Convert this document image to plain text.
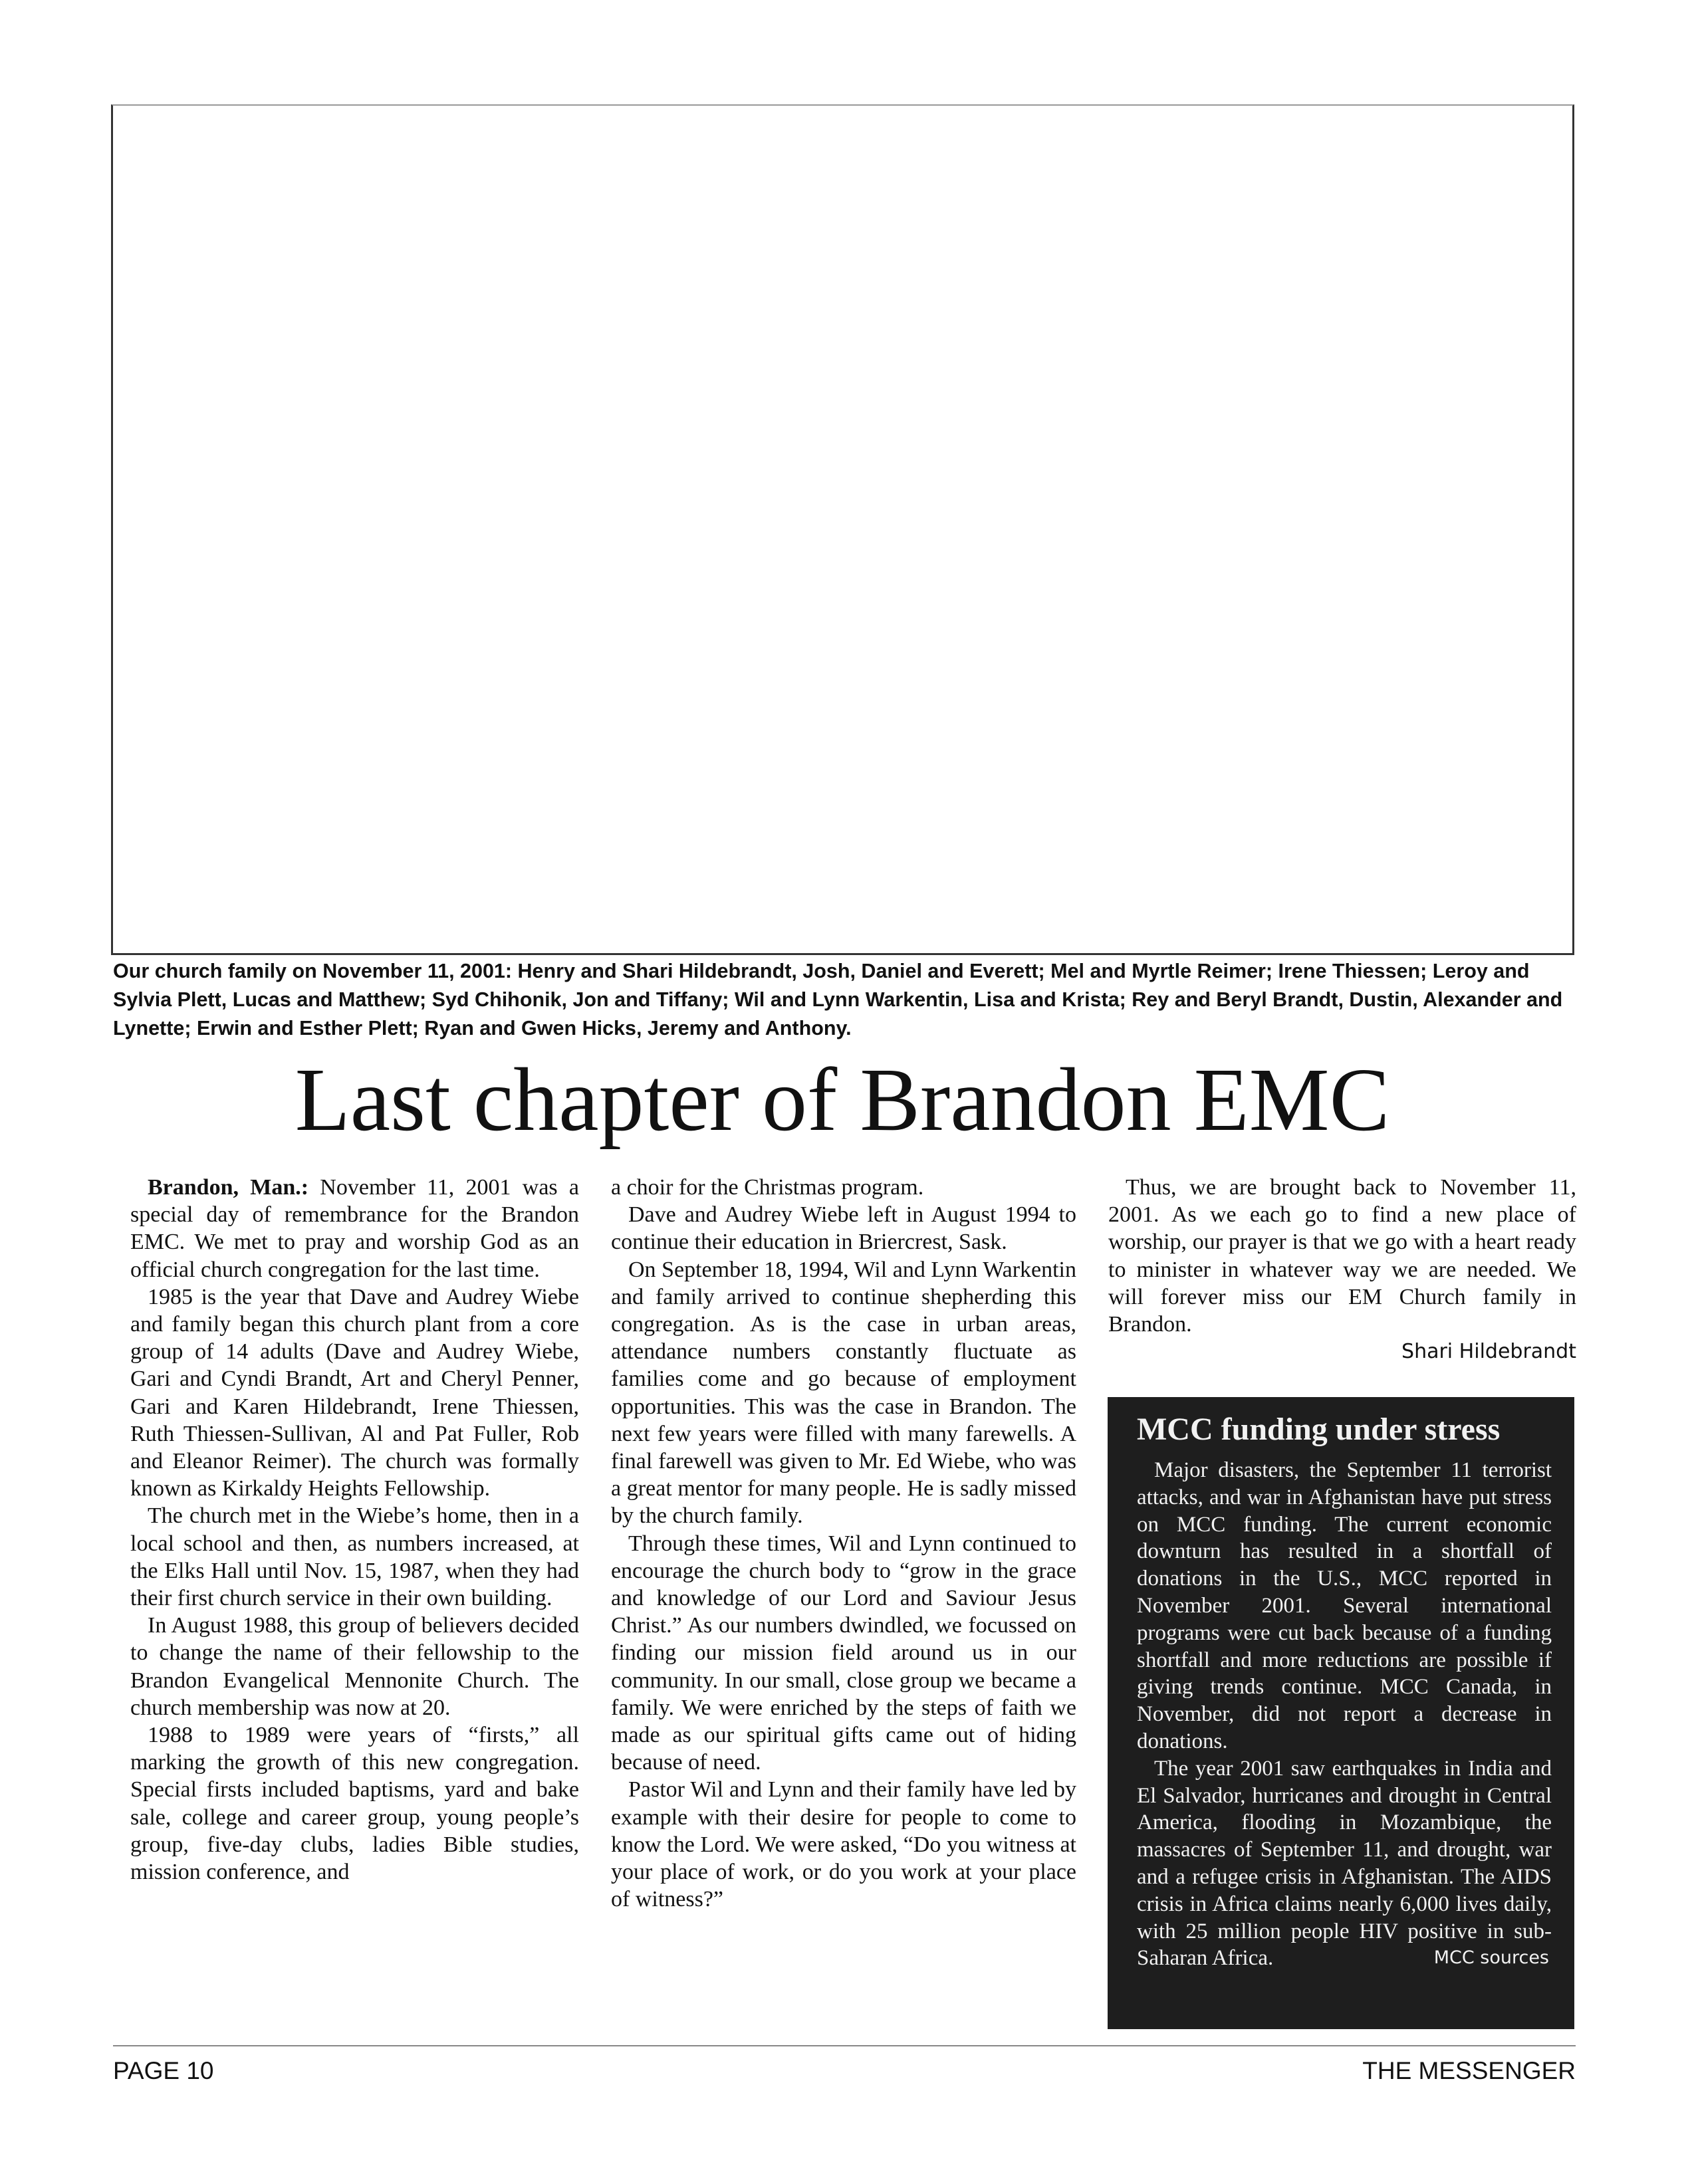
Our church family on November 11, 2001: Henry and Shari Hildebrandt, Josh, Daniel and Everett; Mel and Myrtle Reimer; Irene Thiessen; Leroy and Sylvia Plett, Lucas and Matthew; Syd Chihonik, Jon and Tiffany; Wil and Lynn Warkentin, Lisa and Krista; Rey and Beryl Brandt, Dustin, Alexander and Lynette; Erwin and Esther Plett; Ryan and Gwen Hicks, Jeremy and Anthony.
Last chapter of Brandon EMC

Brandon, Man.: November 11, 2001 was a special day of remembrance for the Brandon EMC. We met to pray and worship God as an official church congregation for the last time.

1985 is the year that Dave and Audrey Wiebe and family began this church plant from a core group of 14 adults (Dave and Audrey Wiebe, Gari and Cyndi Brandt, Art and Cheryl Penner, Gari and Karen Hildebrandt, Irene Thiessen, Ruth Thiessen-Sullivan, Al and Pat Fuller, Rob and Eleanor Reimer). The church was formally known as Kirkaldy Heights Fellowship.

The church met in the Wiebe’s home, then in a local school and then, as numbers increased, at the Elks Hall until Nov. 15, 1987, when they had their first church service in their own building.

In August 1988, this group of believers decided to change the name of their fellowship to the Brandon Evangelical Mennonite Church. The church membership was now at 20.

1988 to 1989 were years of “firsts,” all marking the growth of this new congregation. Special firsts included baptisms, yard and bake sale, college and career group, young people’s group, five-day clubs, ladies Bible studies, mission conference, and

a choir for the Christmas program.

Dave and Audrey Wiebe left in August 1994 to continue their education in Briercrest, Sask.

On September 18, 1994, Wil and Lynn Warkentin and family arrived to continue shepherding this congregation. As is the case in urban areas, attendance numbers constantly fluctuate as families come and go because of employment opportunities. This was the case in Brandon. The next few years were filled with many farewells. A final farewell was given to Mr. Ed Wiebe, who was a great mentor for many people. He is sadly missed by the church family.

Through these times, Wil and Lynn continued to encourage the church body to “grow in the grace and knowledge of our Lord and Saviour Jesus Christ.” As our numbers dwindled, we focussed on finding our mission field around us in our community. In our small, close group we became a family. We were enriched by the steps of faith we made as our spiritual gifts came out of hiding because of need.

Pastor Wil and Lynn and their family have led by example with their desire for people to come to know the Lord. We were asked, “Do you witness at your place of work, or do you work at your place of witness?”

Thus, we are brought back to November 11, 2001. As we each go to find a new place of worship, our prayer is that we go with a heart ready to minister in whatever way we are needed. We will forever miss our EM Church family in Brandon.

Shari Hildebrandt
MCC funding under stress

Major disasters, the September 11 terrorist attacks, and war in Afghanistan have put stress on MCC funding. The current economic downturn has resulted in a shortfall of donations in the U.S., MCC reported in November 2001. Several international programs were cut back because of a funding shortfall and more reductions are possible if giving trends continue. MCC Canada, in November, did not report a decrease in donations.

The year 2001 saw earthquakes in India and El Salvador, hurricanes and drought in Central America, flooding in Mozambique, the massacres of September 11, and drought, war and a refugee crisis in Afghanistan. The AIDS crisis in Africa claims nearly 6,000 lives daily, with 25 million people HIV positive in sub-Saharan Africa.	MCC sources

PAGE 10	THE MESSENGER
